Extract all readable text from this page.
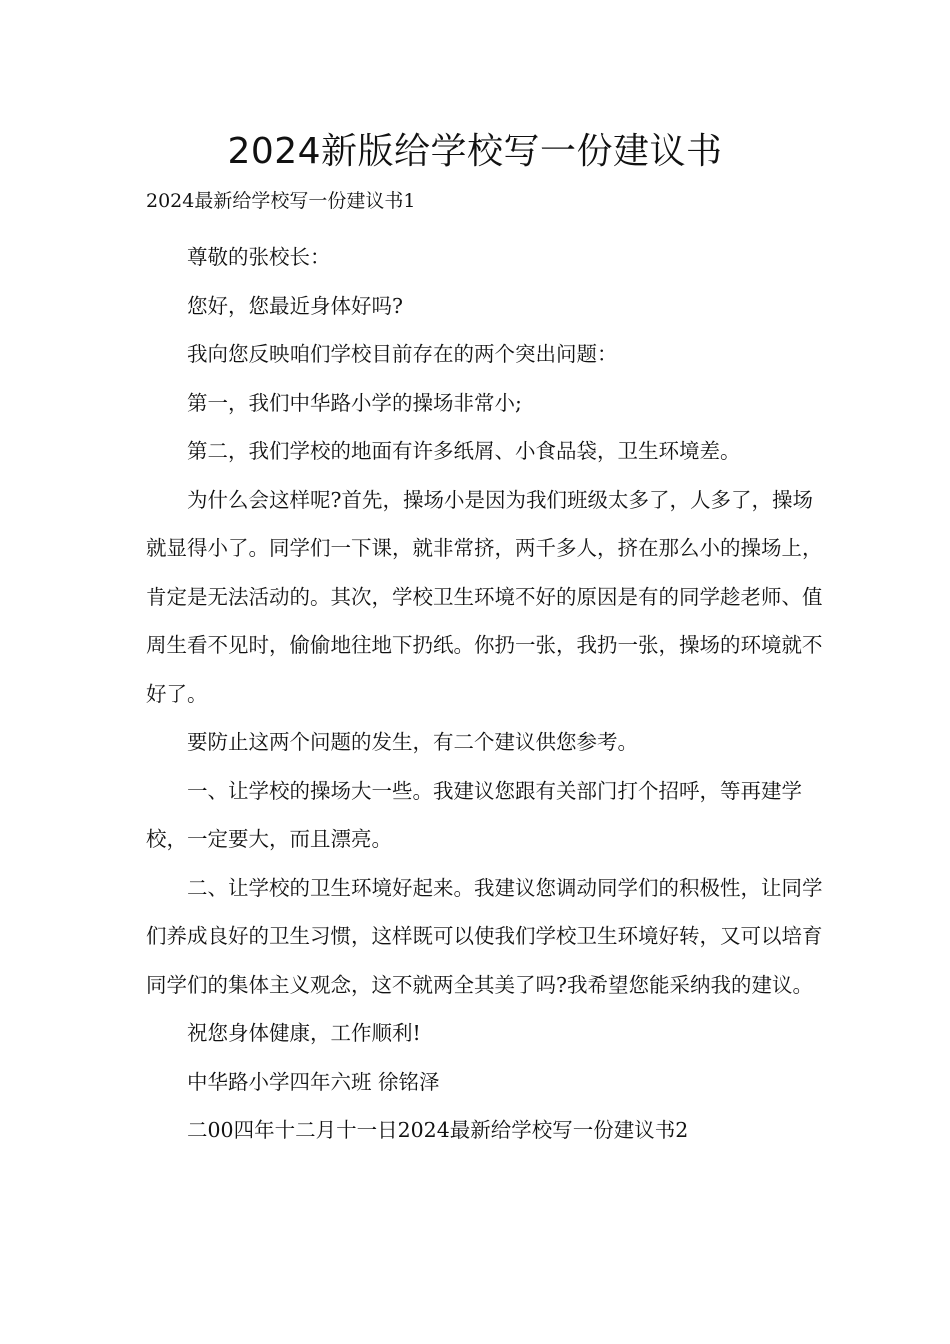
2024新版给学校写一份建议书
2024最新给学校写一份建议书1

尊敬的张校长：

您好，您最近身体好吗?

我向您反映咱们学校目前存在的两个突出问题：

第一，我们中华路小学的操场非常小;

第二，我们学校的地面有许多纸屑、小食品袋，卫生环境差。

为什么会这样呢?首先，操场小是因为我们班级太多了，人多了，操场就显得小了。同学们一下课，就非常挤，两千多人，挤在那么小的操场上，肯定是无法活动的。其次，学校卫生环境不好的原因是有的同学趁老师、值周生看不见时，偷偷地往地下扔纸。你扔一张，我扔一张，操场的环境就不好了。

要防止这两个问题的发生，有二个建议供您参考。

一、让学校的操场大一些。我建议您跟有关部门打个招呼，等再建学校，一定要大，而且漂亮。

二、让学校的卫生环境好起来。我建议您调动同学们的积极性，让同学们养成良好的卫生习惯，这样既可以使我们学校卫生环境好转，又可以培育同学们的集体主义观念，这不就两全其美了吗?我希望您能采纳我的建议。

祝您身体健康，工作顺利!

中华路小学四年六班 徐铭泽

二00四年十二月十一日2024最新给学校写一份建议书2
